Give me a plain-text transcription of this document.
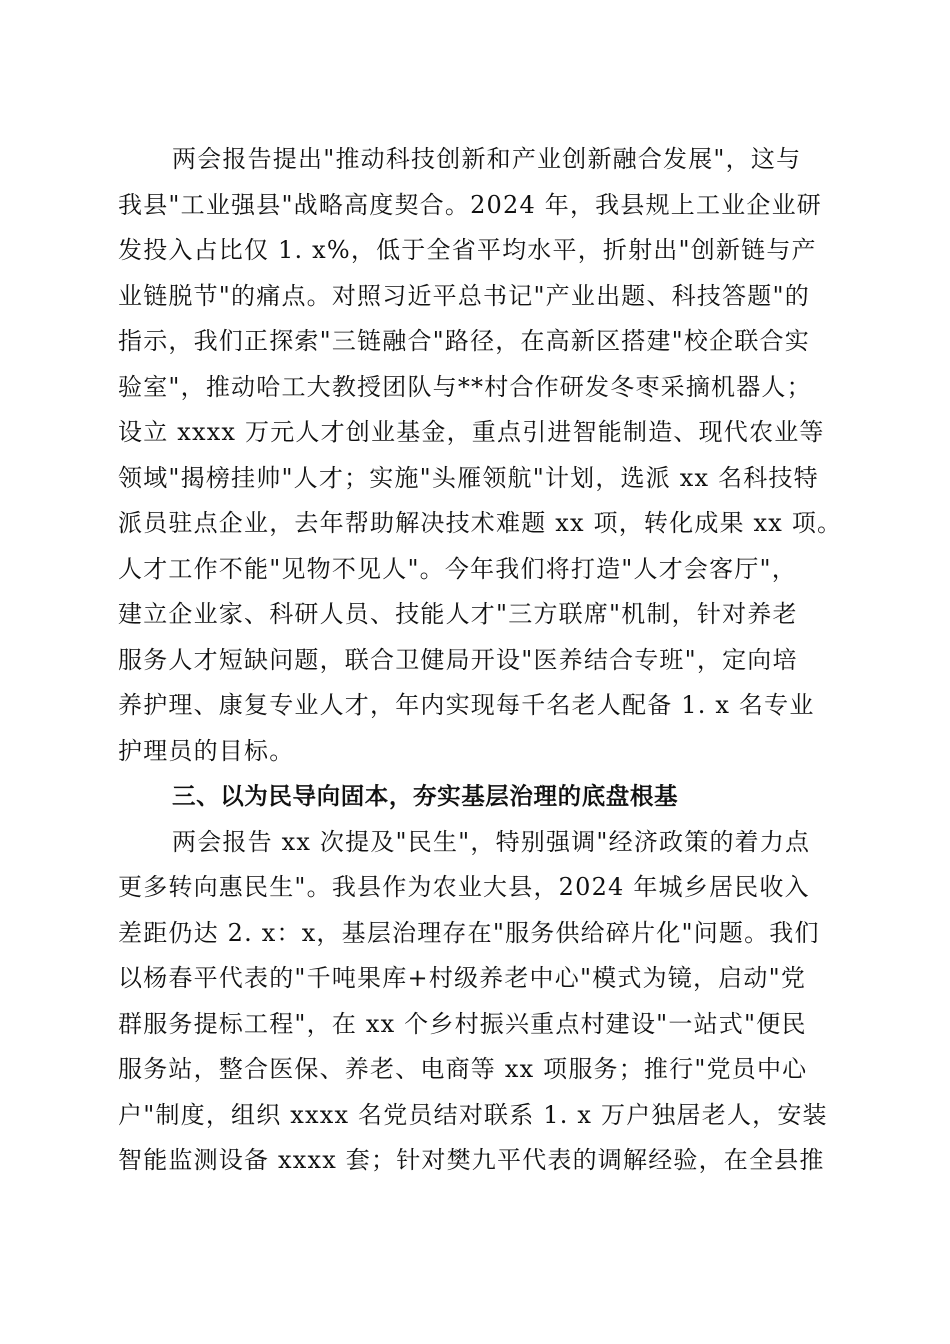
两会报告提出"推动科技创新和产业创新融合发展"，这与
我县"工业强县"战略高度契合。2024 年，我县规上工业企业研
发投入占比仅 1. x%，低于全省平均水平，折射出"创新链与产
业链脱节"的痛点。对照习近平总书记"产业出题、科技答题"的
指示，我们正探索"三链融合"路径，在高新区搭建"校企联合实
验室"，推动哈工大教授团队与**村合作研发冬枣采摘机器人；
设立 xxxx 万元人才创业基金，重点引进智能制造、现代农业等
领域"揭榜挂帅"人才；实施"头雁领航"计划，选派 xx 名科技特
派员驻点企业，去年帮助解决技术难题 xx 项，转化成果 xx 项。
人才工作不能"见物不见人"。今年我们将打造"人才会客厅"，
建立企业家、科研人员、技能人才"三方联席"机制，针对养老
服务人才短缺问题，联合卫健局开设"医养结合专班"，定向培
养护理、康复专业人才，年内实现每千名老人配备 1. x 名专业
护理员的目标。
三、以为民导向固本，夯实基层治理的底盘根基
两会报告 xx 次提及"民生"，特别强调"经济政策的着力点
更多转向惠民生"。我县作为农业大县，2024 年城乡居民收入
差距仍达 2. x：x，基层治理存在"服务供给碎片化"问题。我们
以杨春平代表的"千吨果库+村级养老中心"模式为镜，启动"党
群服务提标工程"，在 xx 个乡村振兴重点村建设"一站式"便民
服务站，整合医保、养老、电商等 xx 项服务；推行"党员中心
户"制度，组织 xxxx 名党员结对联系 1. x 万户独居老人，安装
智能监测设备 xxxx 套；针对樊九平代表的调解经验，在全县推
